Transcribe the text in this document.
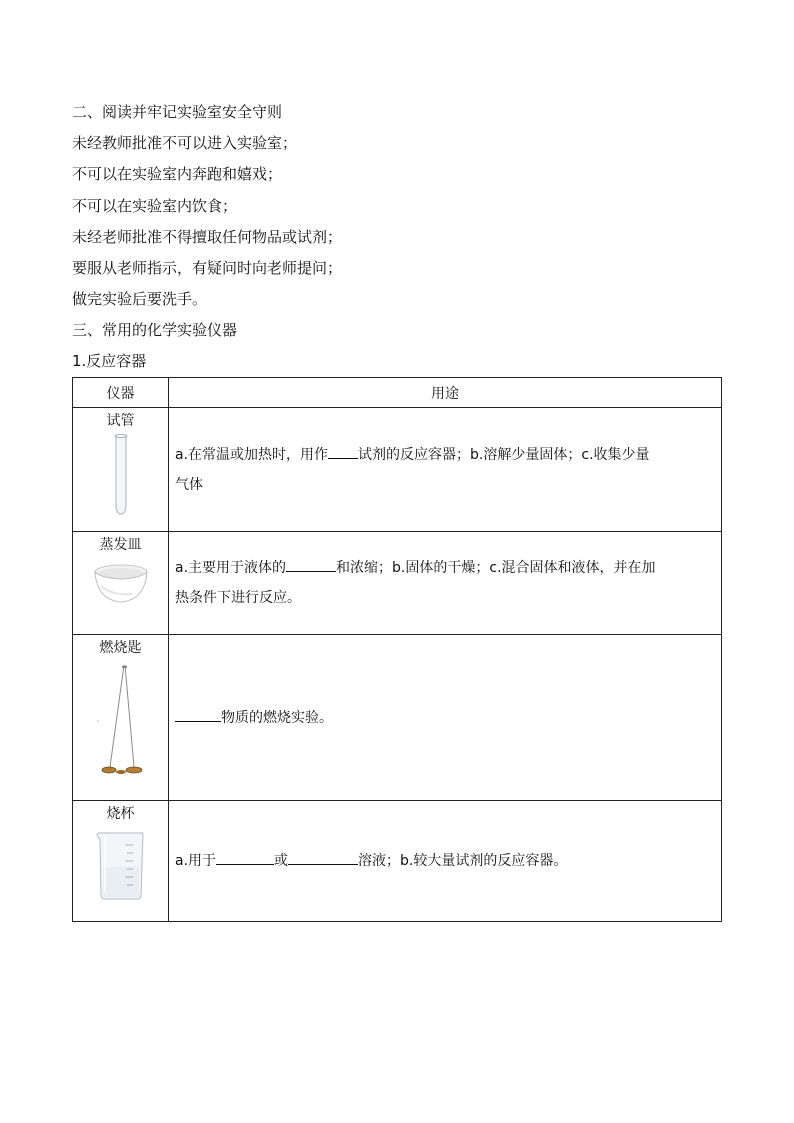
二、阅读并牢记实验室安全守则
未经教师批准不可以进入实验室；
不可以在实验室内奔跑和嬉戏；
不可以在实验室内饮食；
未经老师批准不得擅取任何物品或试剂；
要服从老师指示，有疑问时向老师提问；
做完实验后要洗手。
三、常用的化学实验仪器
1.反应容器
仪器	用途

试管	a.在常温或加热时，用作 试剂的反应容器；b.溶解少量固体；c.收集少量
气体

蒸发皿	a.主要用于液体的 和浓缩；b.固体的干燥；c.混合固体和液体，并在加
热条件下进行反应。

燃烧匙	物质的燃烧实验。

烧杯	a.用于 或 溶液；b.较大量试剂的反应容器。
